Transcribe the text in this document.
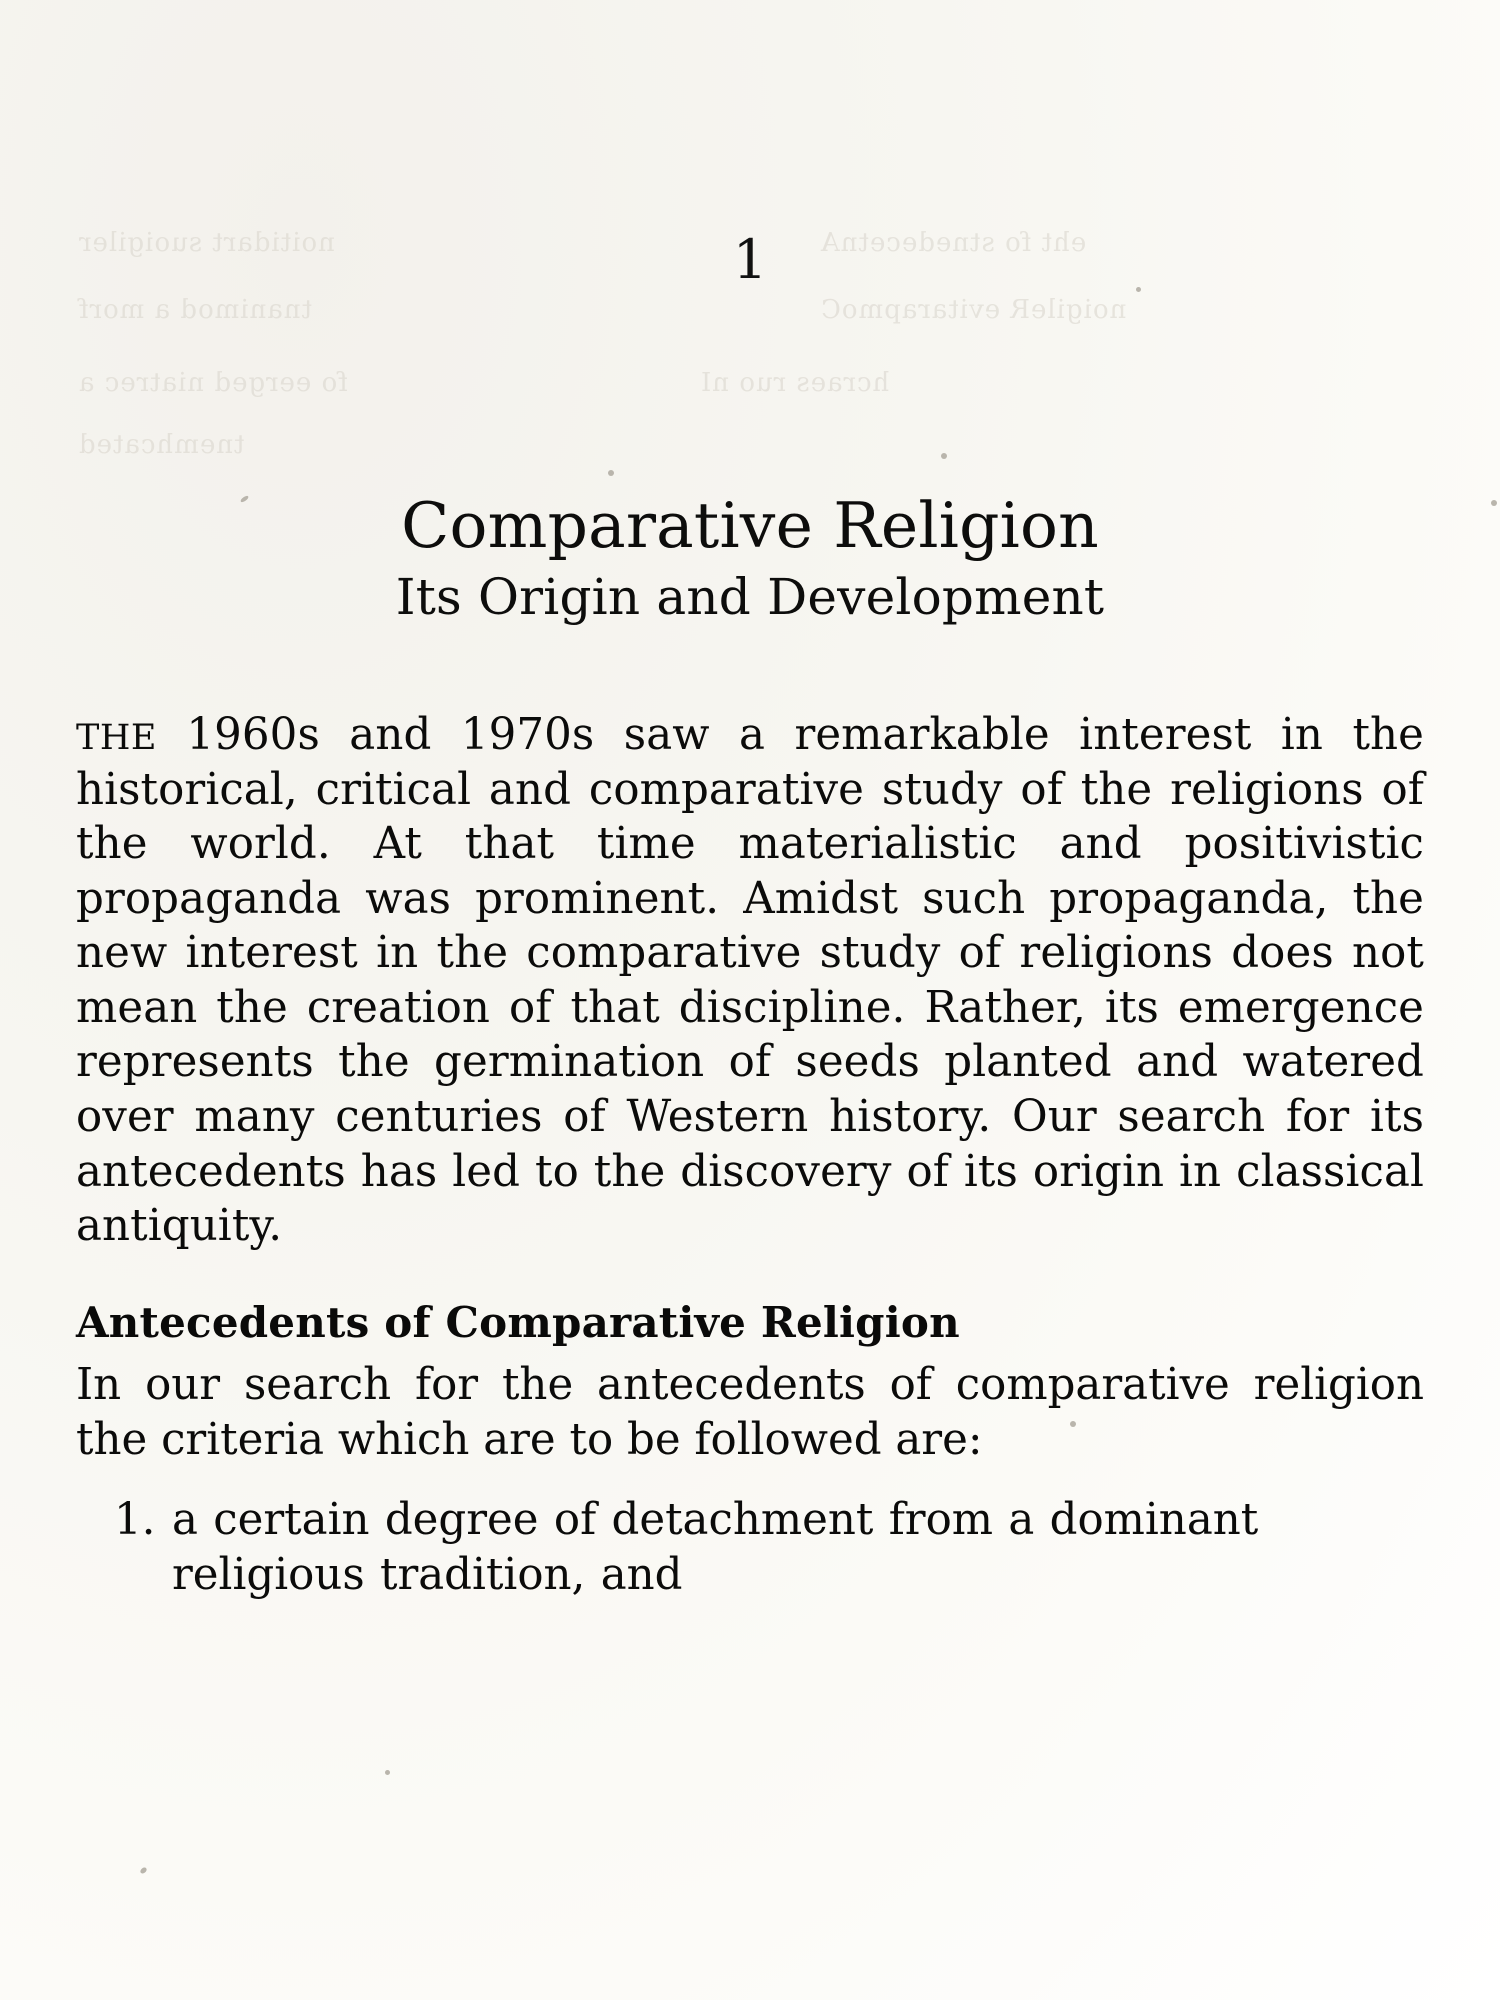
noitidart suoigiler
tnanimod a morf
fo eerged niatrec a
tnemhcated
eht fo stnedecetnA
noigileR evitarapmoC
hcraes ruo nI
1
Comparative Religion
Its Origin and Development

THE 1960s and 1970s saw a remarkable interest in the historical, critical and comparative study of the religions of the world. At that time materialistic and positivistic propaganda was prominent. Amidst such propaganda, the new interest in the comparative study of religions does not mean the creation of that discipline. Rather, its emergence represents the germination of seeds planted and watered over many centuries of Western history. Our search for its antecedents has led to the discovery of its origin in classical antiquity.

Antecedents of Comparative Religion

In our search for the antecedents of comparative religion the criteria which are to be followed are:

1. a certain degree of detachment from a dominant religious tradition, and
